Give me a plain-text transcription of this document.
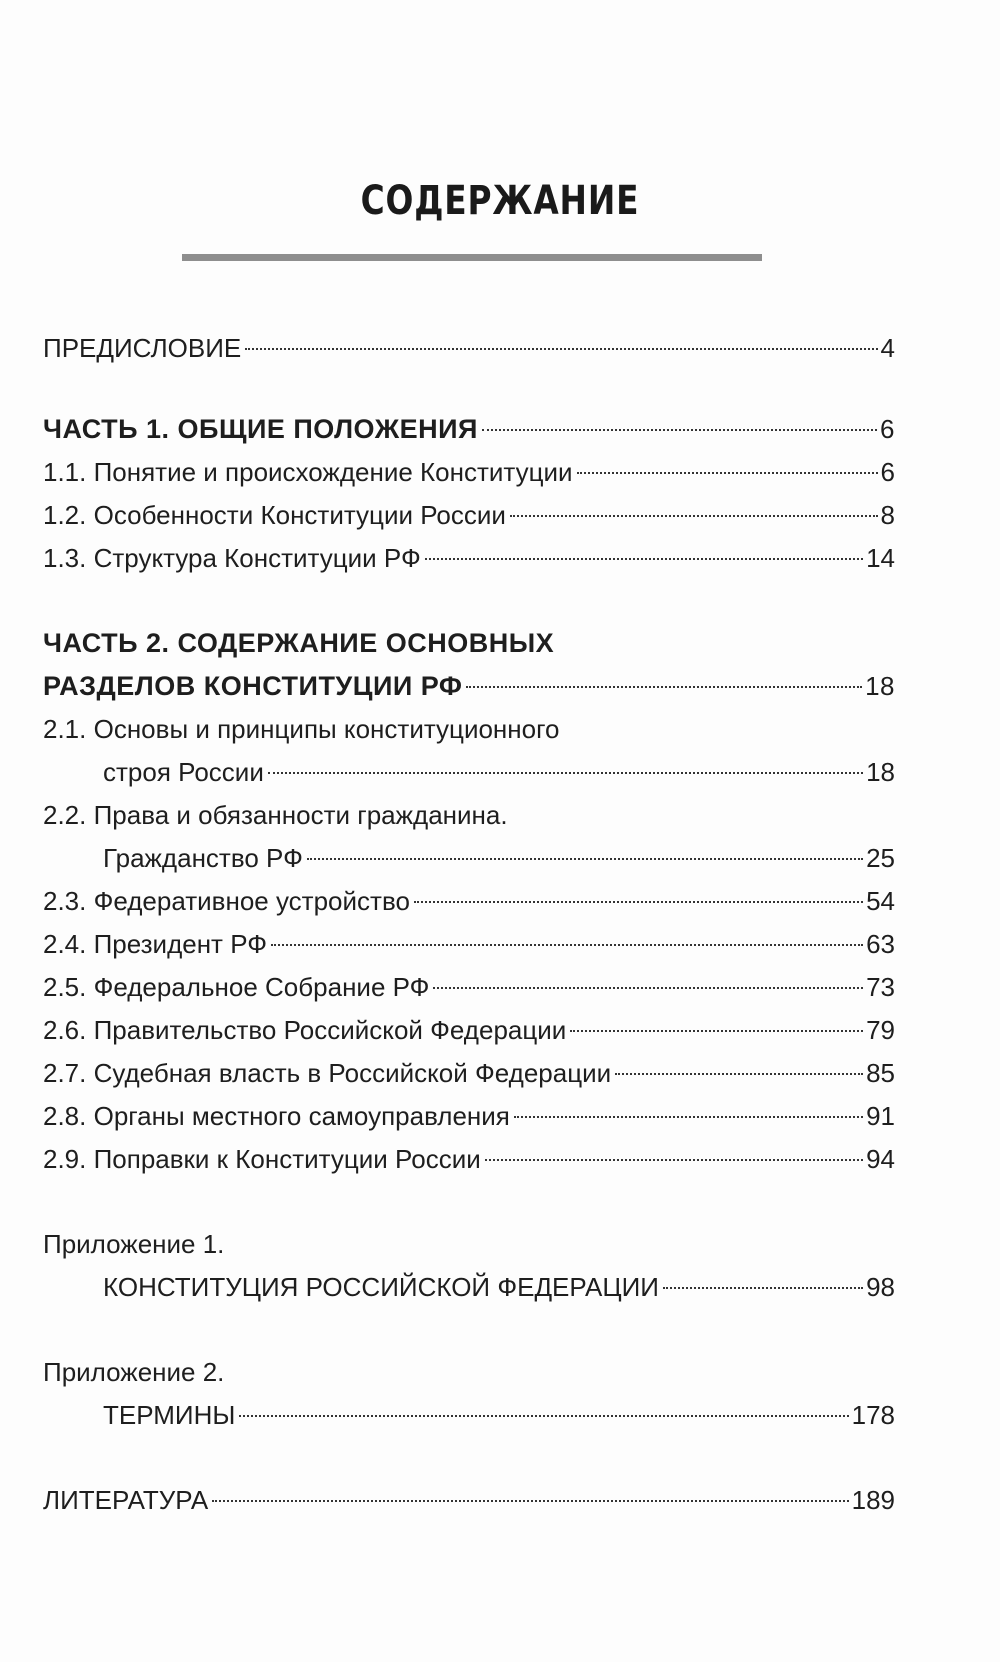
СОДЕРЖАНИЕ
ПРЕДИСЛОВИЕ	4
ЧАСТЬ 1. ОБЩИЕ ПОЛОЖЕНИЯ	6
1.1. Понятие и происхождение Конституции	6
1.2. Особенности Конституции России	8
1.3. Структура Конституции РФ	14
ЧАСТЬ 2. СОДЕРЖАНИЕ ОСНОВНЫХ
РАЗДЕЛОВ КОНСТИТУЦИИ РФ	18
2.1. Основы и принципы конституционного
строя России	18
2.2. Права и обязанности гражданина.
Гражданство РФ	25
2.3. Федеративное устройство	54
2.4. Президент РФ	63
2.5. Федеральное Собрание РФ	73
2.6. Правительство Российской Федерации	79
2.7. Судебная власть в Российской Федерации	85
2.8. Органы местного самоуправления	91
2.9. Поправки к Конституции России	94
Приложение 1.
КОНСТИТУЦИЯ РОССИЙСКОЙ ФЕДЕРАЦИИ	98
Приложение 2.
ТЕРМИНЫ	178
ЛИТЕРАТУРА	189
